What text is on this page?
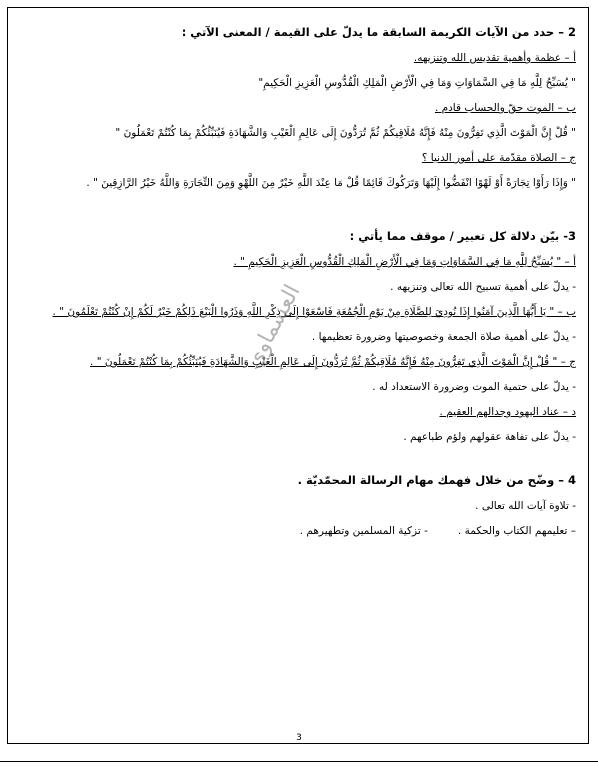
2 – حدد من الآيات الكريمة السابقة ما يدلّ على القيمة / المعنى الآتي :
أ – عظمة وأهمية تقديس الله وتنزيهه.
" يُسَبِّحُ لِلَّهِ مَا فِي السَّمَاوَاتِ وَمَا فِي الْأَرْضِ الْمَلِكِ الْقُدُّوسِ الْعَزِيزِ الْحَكِيمِ"
ب – الموت حقّ والحساب قادم .
" قُلْ إِنَّ الْمَوْتَ الَّذِي تَفِرُّونَ مِنْهُ فَإِنَّهُ مُلَاقِيكُمْ ثُمَّ تُرَدُّونَ إِلَى عَالِمِ الْغَيْبِ وَالشَّهَادَةِ فَيُنَبِّئُكُمْ بِمَا كُنْتُمْ تَعْمَلُونَ "
ج – الصلاة مقدّمة على أمور الدنيا ؟
" وَإِذَا رَأَوْا تِجَارَةً أَوْ لَهْوًا انْفَضُّوا إِلَيْهَا وَتَرَكُوكَ قَائِمًا قُلْ مَا عِنْدَ اللَّهِ خَيْرٌ مِنَ اللَّهْوِ وَمِنَ التِّجَارَةِ وَاللَّهُ خَيْرُ الرَّازِقِينَ " .
3- بيّن دلالة كل تعبير / موقف مما يأتي :
أ – " يُسَبِّحُ لِلَّهِ مَا فِي السَّمَاوَاتِ وَمَا فِي الْأَرْضِ الْمَلِكِ الْقُدُّوسِ الْعَزِيزِ الْحَكِيمِ " .
- يدلّ على أهمية تسبيح الله تعالى وتنزيهه .
ب – " يَا أَيُّهَا الَّذِينَ آمَنُوا إِذَا نُودِيَ لِلصَّلَاةِ مِنْ يَوْمِ الْجُمُعَةِ فَاسْعَوْا إِلَى ذِكْرِ اللَّهِ وَذَرُوا الْبَيْعَ ذَلِكُمْ خَيْرٌ لَكُمْ إِنْ كُنْتُمْ تَعْلَمُونَ " .
- يدلّ على أهمية صلاة الجمعة وخصوصيتها وضرورة تعظيمها .
ج – " قُلْ إِنَّ الْمَوْتَ الَّذِي تَفِرُّونَ مِنْهُ فَإِنَّهُ مُلَاقِيكُمْ ثُمَّ تُرَدُّونَ إِلَى عَالِمِ الْغَيْبِ وَالشَّهَادَةِ فَيُنَبِّئُكُمْ بِمَا كُنْتُمْ تَعْمَلُونَ " .
- يدلّ على حتمية الموت وضرورة الاستعداد له .
د – عناد اليهود وجدالهم العقيم .
- يدلّ على تفاهة عقولهم ولؤم طباعهم .
4 – وضّح من خلال فهمك مهام الرسالة المحمّديّة .
- تلاوة آيات الله تعالى .
– تعليمهم الكتاب والحكمة .
- تزكية المسلمين وتطهيرهم .
العسماوي
3
